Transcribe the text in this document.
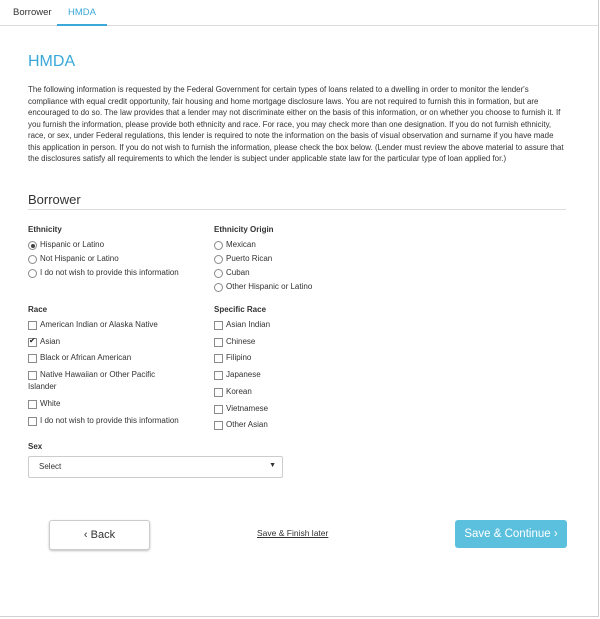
Borrower	HMDA
HMDA

The following information is requested by the Federal Government for certain types of loans related to a dwelling in order to monitor the lender's compliance with equal credit opportunity, fair housing and home mortgage disclosure laws. You are not required to furnish this in formation, but are encouraged to do so. The law provides that a lender may not discriminate either on the basis of this information, or on whether you choose to furnish it. If you furnish the information, please provide both ethnicity and race. For race, you may check more than one designation. If you do not furnish ethnicity, race, or sex, under Federal regulations, this lender is required to note the information on the basis of visual observation and surname if you have made this application in person. If you do not wish to furnish the information, please check the box below. (Lender must review the above material to assure that the disclosures satisfy all requirements to which the lender is subject under applicable state law for the particular type of loan applied for.)

Borrower
Ethnicity
Hispanic or Latino
Not Hispanic or Latino
I do not wish to provide this information
Ethnicity Origin
Mexican
Puerto Rican
Cuban
Other Hispanic or Latino
Race
American Indian or Alaska Native
✔
Asian
Black or African American
Native Hawaiian or Other Pacific
Islander
White
I do not wish to provide this information
Specific Race
Asian Indian
Chinese
Filipino
Japanese
Korean
Vietnamese
Other Asian
Sex
Select	▼
‹ Back	Save & Finish later	Save & Continue ›
